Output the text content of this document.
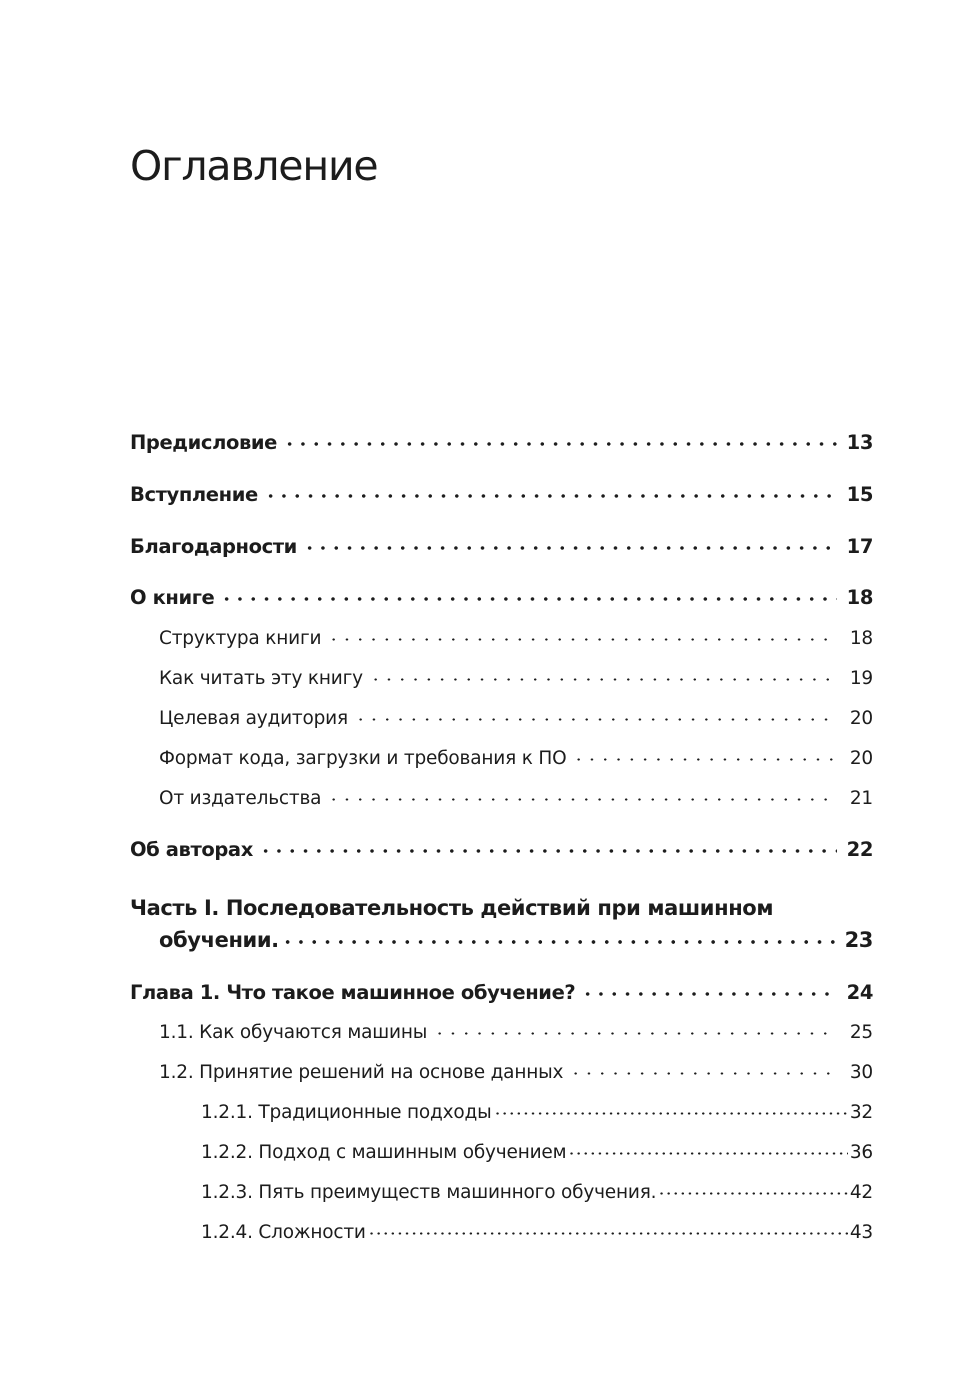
Оглавление
Предисловие	13
Вступление	15
Благодарности	17
О книге	18
Структура книги	18
Как читать эту книгу	19
Целевая аудитория	20
Формат кода, загрузки и требования к ПО	20
От издательства	21
Об авторах	22
Часть I. Последовательность действий при машинном
обучении.	23
Глава 1. Что такое машинное обучение?	24
1.1. Как обучаются машины	25
1.2. Принятие решений на основе данных	30
1.2.1. Традиционные подходы	32
1.2.2. Подход с машинным обучением	36
1.2.3. Пять преимуществ машинного обучения.	42
1.2.4. Сложности	43
